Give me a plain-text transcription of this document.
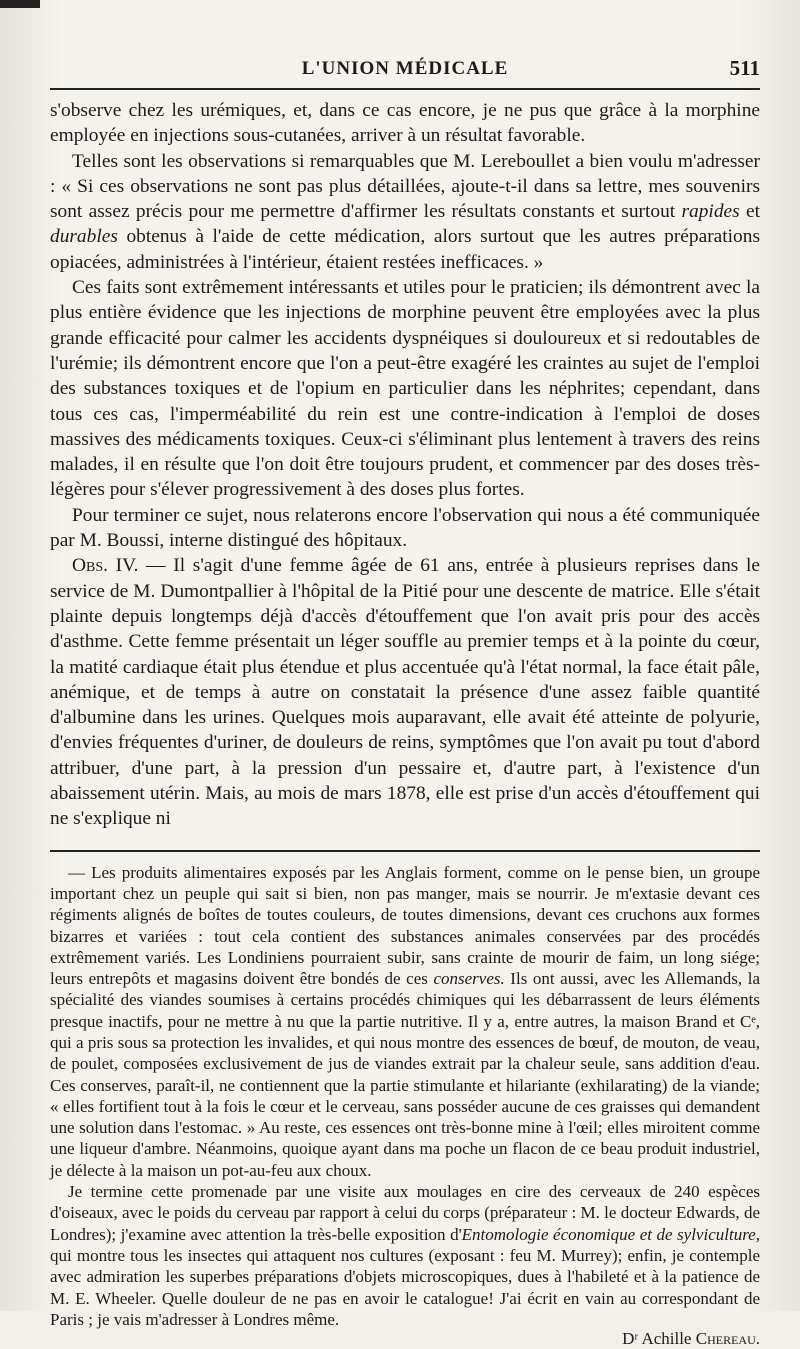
L'UNION MÉDICALE	511

s'observe chez les urémiques, et, dans ce cas encore, je ne pus que grâce à la morphine employée en injections sous-cutanées, arriver à un résultat favorable.

Telles sont les observations si remarquables que M. Lereboullet a bien voulu m'adresser : « Si ces observations ne sont pas plus détaillées, ajoute-t-il dans sa lettre, mes souvenirs sont assez précis pour me permettre d'affirmer les résultats constants et surtout rapides et durables obtenus à l'aide de cette médication, alors surtout que les autres préparations opiacées, administrées à l'intérieur, étaient restées inefficaces. »

Ces faits sont extrêmement intéressants et utiles pour le praticien; ils démontrent avec la plus entière évidence que les injections de morphine peuvent être employées avec la plus grande efficacité pour calmer les accidents dyspnéiques si douloureux et si redoutables de l'urémie; ils démontrent encore que l'on a peut-être exagéré les craintes au sujet de l'emploi des substances toxiques et de l'opium en particulier dans les néphrites; cependant, dans tous ces cas, l'imperméabilité du rein est une contre-indication à l'emploi de doses massives des médicaments toxiques. Ceux-ci s'éliminant plus lentement à travers des reins malades, il en résulte que l'on doit être toujours prudent, et commencer par des doses très-légères pour s'élever progressivement à des doses plus fortes.

Pour terminer ce sujet, nous relaterons encore l'observation qui nous a été communiquée par M. Boussi, interne distingué des hôpitaux.

Obs. IV. — Il s'agit d'une femme âgée de 61 ans, entrée à plusieurs reprises dans le service de M. Dumontpallier à l'hôpital de la Pitié pour une descente de matrice. Elle s'était plainte depuis longtemps déjà d'accès d'étouffement que l'on avait pris pour des accès d'asthme. Cette femme présentait un léger souffle au premier temps et à la pointe du cœur, la matité cardiaque était plus étendue et plus accentuée qu'à l'état normal, la face était pâle, anémique, et de temps à autre on constatait la présence d'une assez faible quantité d'albumine dans les urines. Quelques mois auparavant, elle avait été atteinte de polyurie, d'envies fréquentes d'uriner, de douleurs de reins, symptômes que l'on avait pu tout d'abord attribuer, d'une part, à la pression d'un pessaire et, d'autre part, à l'existence d'un abaissement utérin. Mais, au mois de mars 1878, elle est prise d'un accès d'étouffement qui ne s'explique ni

— Les produits alimentaires exposés par les Anglais forment, comme on le pense bien, un groupe important chez un peuple qui sait si bien, non pas manger, mais se nourrir. Je m'extasie devant ces régiments alignés de boîtes de toutes couleurs, de toutes dimensions, devant ces cruchons aux formes bizarres et variées : tout cela contient des substances animales conservées par des procédés extrêmement variés. Les Londiniens pourraient subir, sans crainte de mourir de faim, un long siége; leurs entrepôts et magasins doivent être bondés de ces conserves. Ils ont aussi, avec les Allemands, la spécialité des viandes soumises à certains procédés chimiques qui les débarrassent de leurs éléments presque inactifs, pour ne mettre à nu que la partie nutritive. Il y a, entre autres, la maison Brand et Cᵉ, qui a pris sous sa protection les invalides, et qui nous montre des essences de bœuf, de mouton, de veau, de poulet, composées exclusivement de jus de viandes extrait par la chaleur seule, sans addition d'eau. Ces conserves, paraît-il, ne contiennent que la partie stimulante et hilariante (exhilarating) de la viande; « elles fortifient tout à la fois le cœur et le cerveau, sans posséder aucune de ces graisses qui demandent une solution dans l'estomac. » Au reste, ces essences ont très-bonne mine à l'œil; elles miroitent comme une liqueur d'ambre. Néanmoins, quoique ayant dans ma poche un flacon de ce beau produit industriel, je délecte à la maison un pot-au-feu aux choux.

Je termine cette promenade par une visite aux moulages en cire des cerveaux de 240 espèces d'oiseaux, avec le poids du cerveau par rapport à celui du corps (préparateur : M. le docteur Edwards, de Londres); j'examine avec attention la très-belle exposition d'Entomologie économique et de sylviculture, qui montre tous les insectes qui attaquent nos cultures (exposant : feu M. Murrey); enfin, je contemple avec admiration les superbes préparations d'objets microscopiques, dues à l'habileté et à la patience de M. E. Wheeler. Quelle douleur de ne pas en avoir le catalogue! J'ai écrit en vain au correspondant de Paris ; je vais m'adresser à Londres même.

Dʳ Achille Chereau.
